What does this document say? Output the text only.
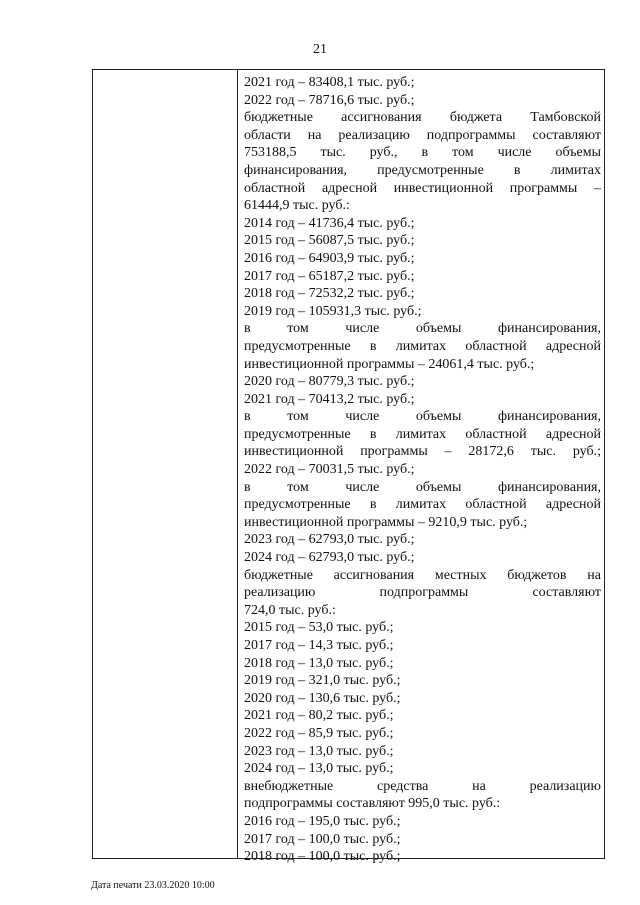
21
2021 год – 83408,1 тыс. руб.;
2022 год – 78716,6 тыс. руб.;
бюджетные ассигнования бюджета Тамбовской
области на реализацию подпрограммы составляют
753188,5 тыс. руб., в том числе объемы
финансирования, предусмотренные в лимитах
областной адресной инвестиционной программы –
61444,9 тыс. руб.:
2014 год – 41736,4 тыс. руб.;
2015 год – 56087,5 тыс. руб.;
2016 год – 64903,9 тыс. руб.;
2017 год – 65187,2 тыс. руб.;
2018 год – 72532,2 тыс. руб.;
2019 год – 105931,3 тыс. руб.;
в том числе объемы финансирования,
предусмотренные в лимитах областной адресной
инвестиционной программы – 24061,4 тыс. руб.;
2020 год – 80779,3 тыс. руб.;
2021 год – 70413,2 тыс. руб.;
в том числе объемы финансирования,
предусмотренные в лимитах областной адресной
инвестиционной программы – 28172,6 тыс. руб.;
2022 год – 70031,5 тыс. руб.;
в том числе объемы финансирования,
предусмотренные в лимитах областной адресной
инвестиционной программы – 9210,9 тыс. руб.;
2023 год – 62793,0 тыс. руб.;
2024 год – 62793,0 тыс. руб.;
бюджетные ассигнования местных бюджетов на
реализацию подпрограммы составляют
724,0 тыс. руб.:
2015 год – 53,0 тыс. руб.;
2017 год – 14,3 тыс. руб.;
2018 год – 13,0 тыс. руб.;
2019 год – 321,0 тыс. руб.;
2020 год – 130,6 тыс. руб.;
2021 год – 80,2 тыс. руб.;
2022 год – 85,9 тыс. руб.;
2023 год – 13,0 тыс. руб.;
2024 год – 13,0 тыс. руб.;
внебюджетные средства на реализацию
подпрограммы составляют 995,0 тыс. руб.:
2016 год – 195,0 тыс. руб.;
2017 год – 100,0 тыс. руб.;
2018 год – 100,0 тыс. руб.;
Дата печати 23.03.2020 10:00
